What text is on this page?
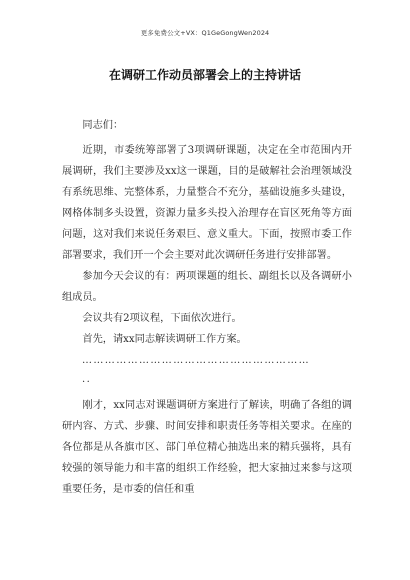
更多免费公文+VX：Q1GeGongWen2024
在调研工作动员部署会上的主持讲话

同志们：

近期，市委统筹部署了3项调研课题，决定在全市范围内开展调研，我们主要涉及xx这一课题，目的是破解社会治理领域没有系统思维、完整体系，力量整合不充分，基础设施多头建设，网格体制多头设置，资源力量多头投入治理存在盲区死角等方面问题，这对我们来说任务艰巨、意义重大。下面，按照市委工作部署要求，我们开一个会主要对此次调研任务进行安排部署。

参加今天会议的有：两项课题的组长、副组长以及各调研小组成员。

会议共有2项议程，下面依次进行。

首先，请xx同志解读调研工作方案。

……………………………………………………
..

刚才，xx同志对课题调研方案进行了解读，明确了各组的调研内容、方式、步骤、时间安排和职责任务等相关要求。在座的各位都是从各旗市区、部门单位精心抽选出来的精兵强将，具有较强的领导能力和丰富的组织工作经验，把大家抽过来参与这项重要任务，是市委的信任和重
